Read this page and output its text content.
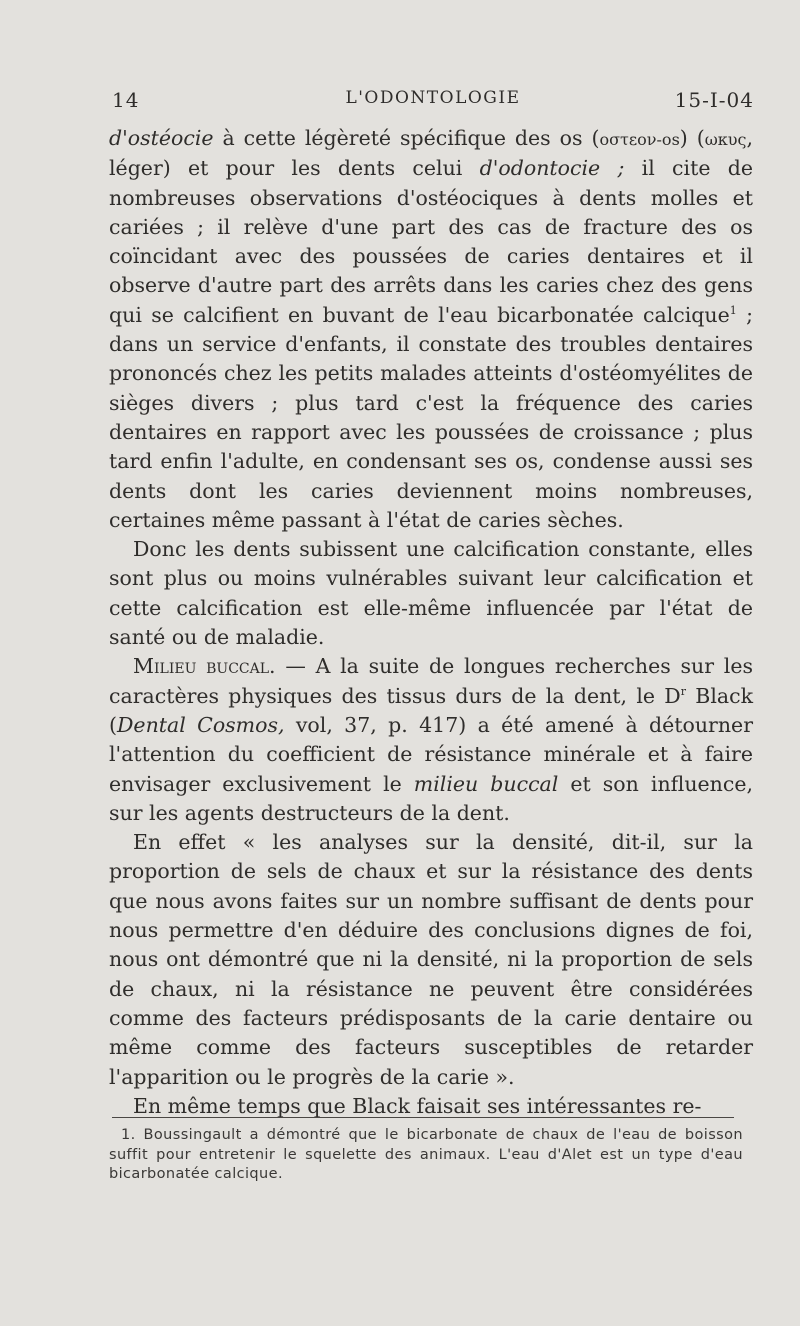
L'ODONTOLOGIE
14	15-I-04

d'ostéocie à cette légèreté spécifique des os (οστεον-os) (ωκυς, léger) et pour les dents celui d'odontocie ; il cite de nombreuses observations d'ostéociques à dents molles et cariées ; il relève d'une part des cas de fracture des os coïncidant avec des poussées de caries dentaires et il observe d'autre part des arrêts dans les caries chez des gens qui se calcifient en buvant de l'eau bicarbonatée calcique$^1$ ; dans un service d'enfants, il constate des troubles dentaires prononcés chez les petits malades atteints d'ostéomyélites de sièges divers ; plus tard c'est la fréquence des caries dentaires en rapport avec les poussées de croissance ; plus tard enfin l'adulte, en condensant ses os, condense aussi ses dents dont les caries deviennent moins nombreuses, certaines même passant à l'état de caries sèches.

Donc les dents subissent une calcification constante, elles sont plus ou moins vulnérables suivant leur calcification et cette calcification est elle-même influencée par l'état de santé ou de maladie.

Milieu buccal. — A la suite de longues recherches sur les caractères physiques des tissus durs de la dent, le $D^r$ Black (Dental Cosmos, vol, 37, p. 417) a été amené à détourner l'attention du coefficient de résistance minérale et à faire envisager exclusivement le milieu buccal et son influence, sur les agents destructeurs de la dent.

En effet « les analyses sur la densité, dit-il, sur la proportion de sels de chaux et sur la résistance des dents que nous avons faites sur un nombre suffisant de dents pour nous permettre d'en déduire des conclusions dignes de foi, nous ont démontré que ni la densité, ni la proportion de sels de chaux, ni la résistance ne peuvent être considérées comme des facteurs prédisposants de la carie dentaire ou même comme des facteurs susceptibles de retarder l'apparition ou le progrès de la carie ».

En même temps que Black faisait ses intéressantes re-

1. Boussingault a démontré que le bicarbonate de chaux de l'eau de boisson suffit pour entretenir le squelette des animaux. L'eau d'Alet est un type d'eau bicarbonatée calcique.
